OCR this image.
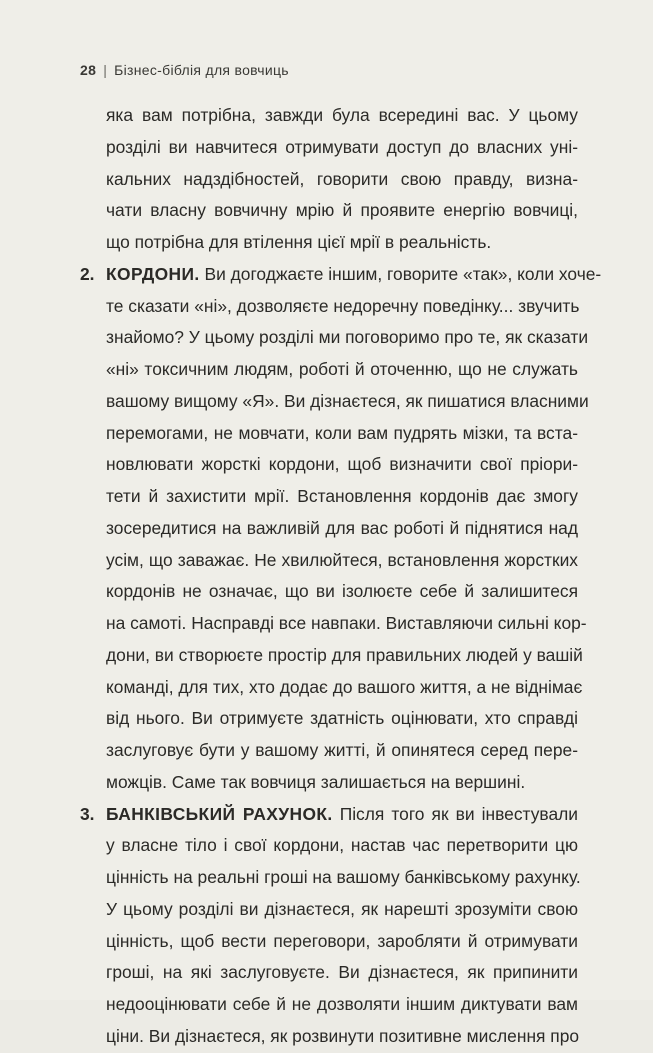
28 | Бізнес-біблія для вовчиць
яка вам потрібна, завжди була всередині вас. У цьому
розділі ви навчитеся отримувати доступ до власних уні-
кальних надздібностей, говорити свою правду, визна-
чати власну вовчичну мрію й проявите енергію вовчиці,
що потрібна для втілення цієї мрії в реальність.
2. КОРДОНИ. Ви догоджаєте іншим, говорите «так», коли хоче-
те сказати «ні», дозволяєте недоречну поведінку... звучить
знайомо? У цьому розділі ми поговоримо про те, як сказати
«ні» токсичним людям, роботі й оточенню, що не служать
вашому вищому «Я». Ви дізнаєтеся, як пишатися власними
перемогами, не мовчати, коли вам пудрять мізки, та вста-
новлювати жорсткі кордони, щоб визначити свої пріори-
тети й захистити мрії. Встановлення кордонів дає змогу
зосередитися на важливій для вас роботі й піднятися над
усім, що заважає. Не хвилюйтеся, встановлення жорстких
кордонів не означає, що ви ізолюєте себе й залишитеся
на самоті. Насправді все навпаки. Виставляючи сильні кор-
дони, ви створюєте простір для правильних людей у вашій
команді, для тих, хто додає до вашого життя, а не віднімає
від нього. Ви отримуєте здатність оцінювати, хто справді
заслуговує бути у вашому житті, й опинятеся серед пере-
можців. Саме так вовчиця залишається на вершині.
3. БАНКІВСЬКИЙ РАХУНОК. Після того як ви інвестували
у власне тіло і свої кордони, настав час перетворити цю
цінність на реальні гроші на вашому банківському рахунку.
У цьому розділі ви дізнаєтеся, як нарешті зрозуміти свою
цінність, щоб вести переговори, заробляти й отримувати
гроші, на які заслуговуєте. Ви дізнаєтеся, як припинити
недооцінювати себе й не дозволяти іншим диктувати вам
ціни. Ви дізнаєтеся, як розвинути позитивне мислення про
